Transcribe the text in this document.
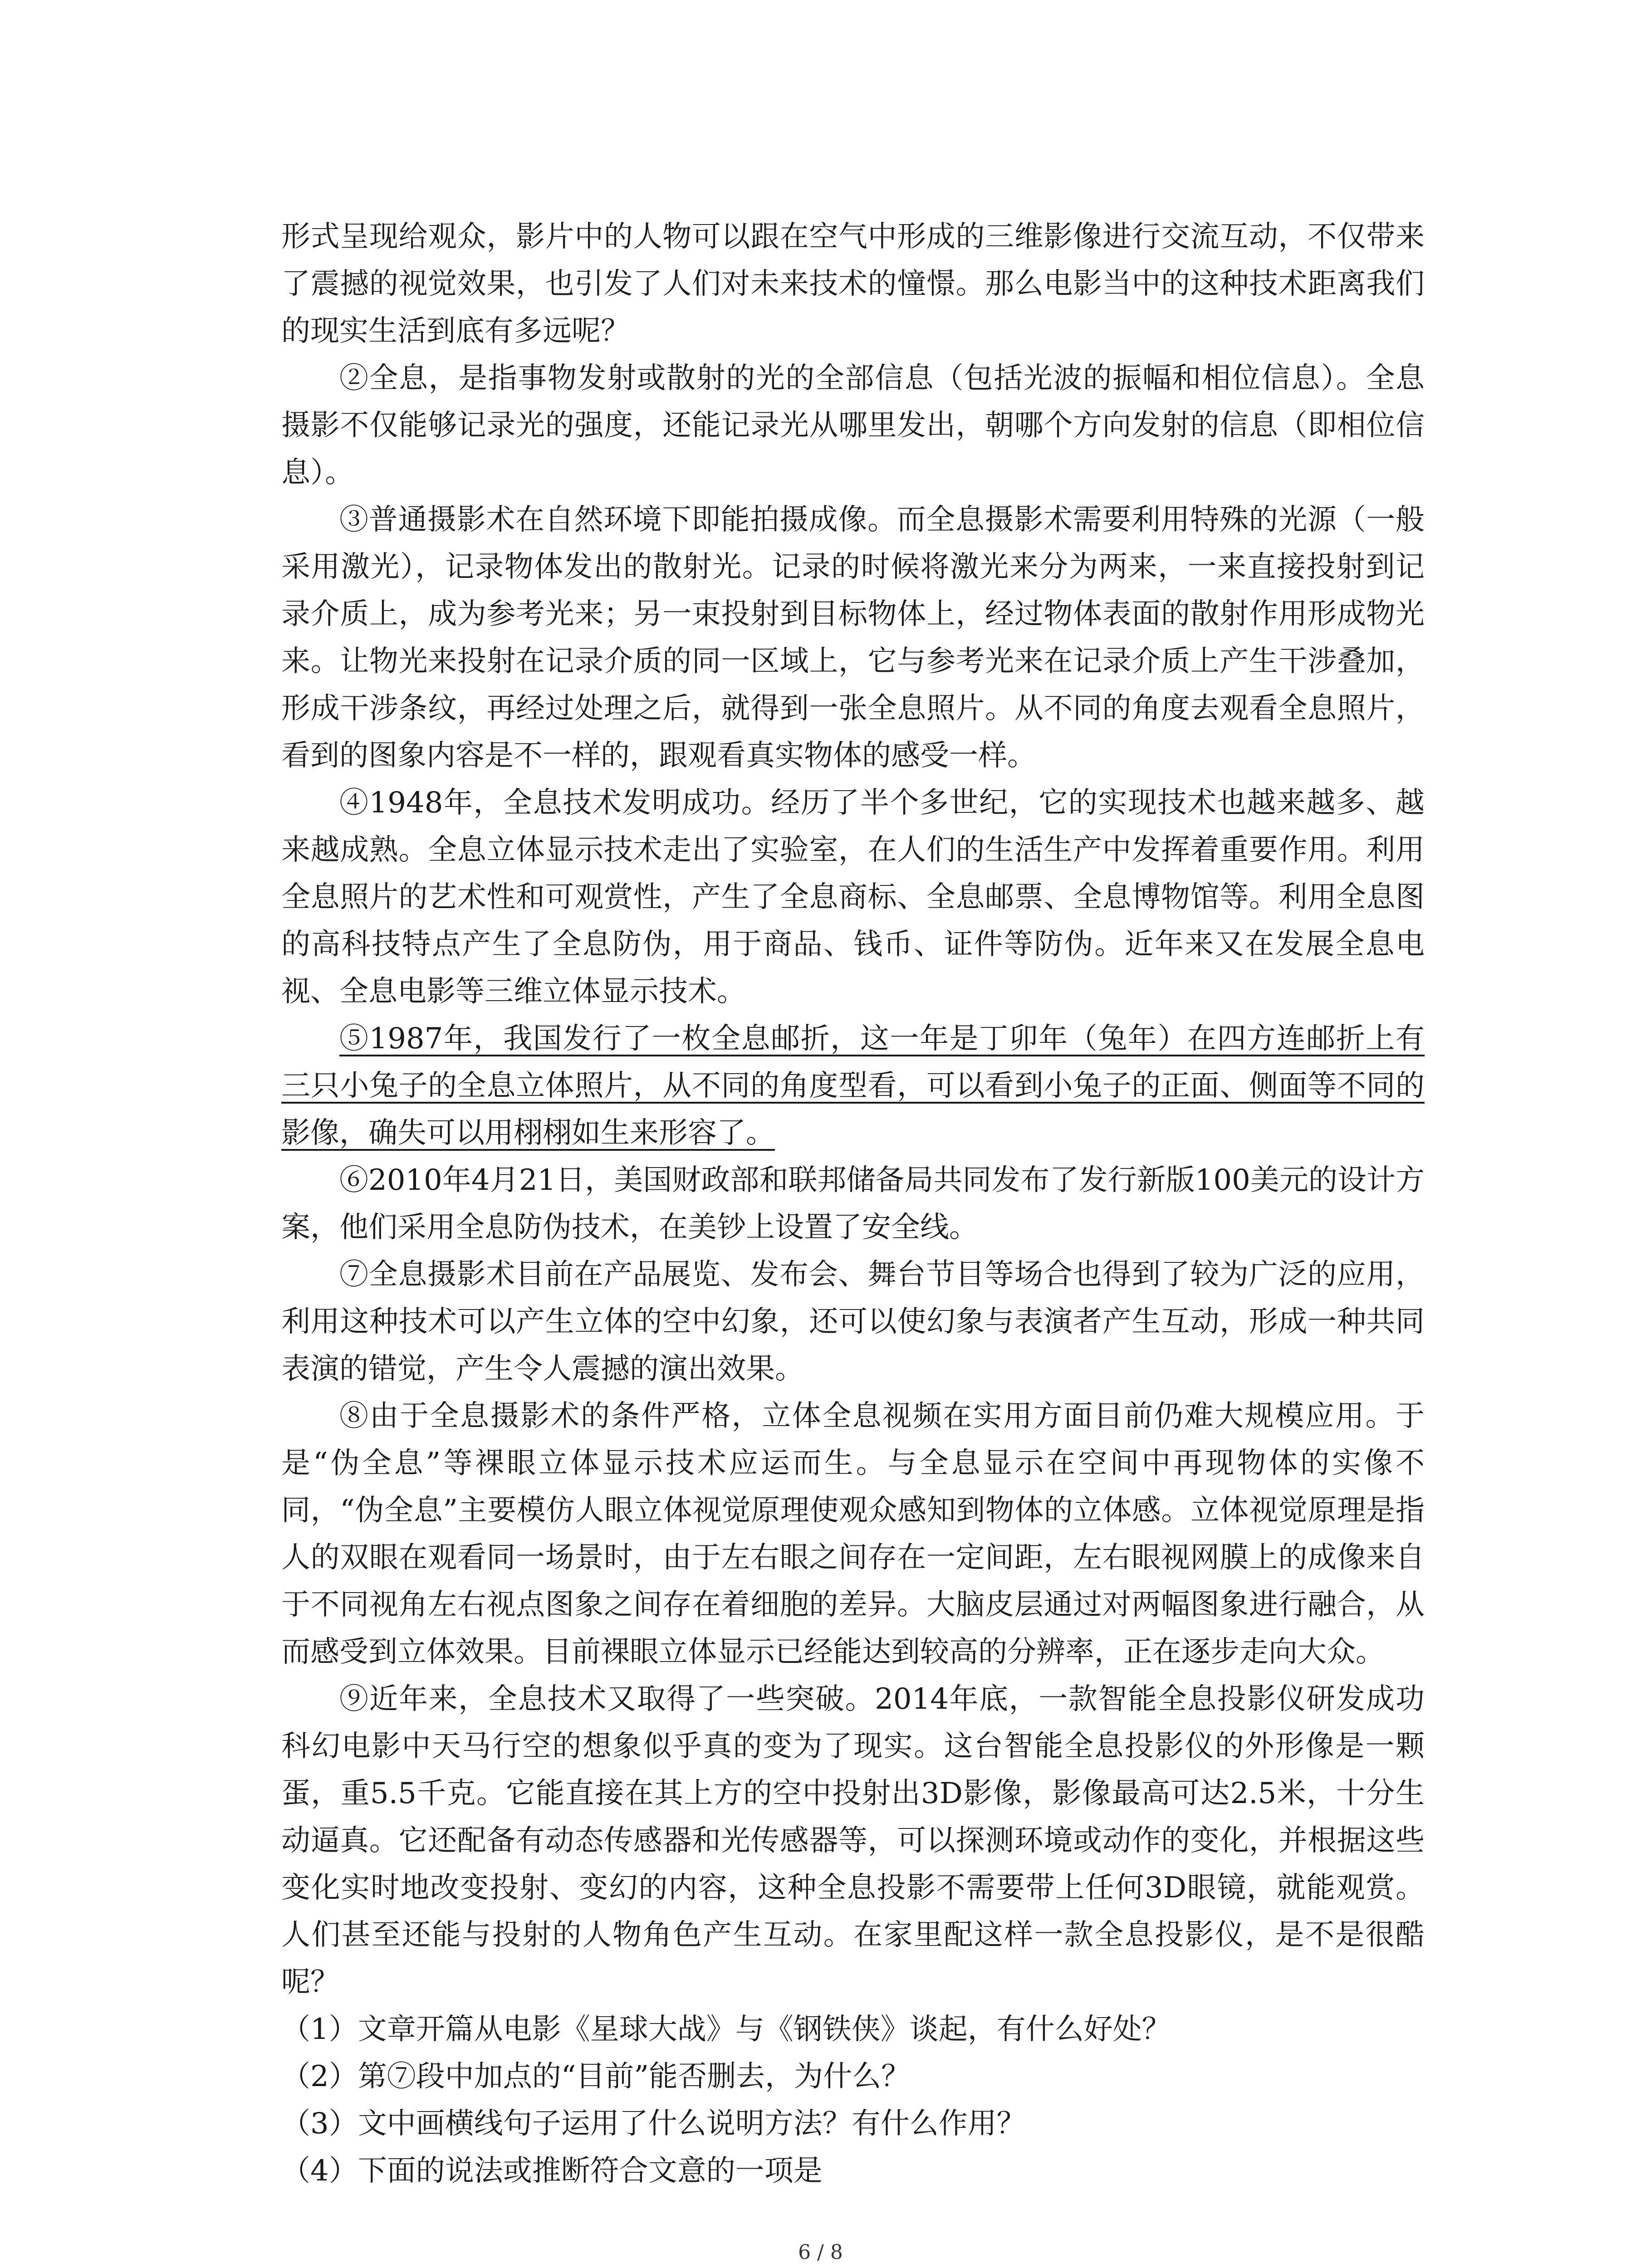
形式呈现给观众，影片中的人物可以跟在空气中形成的三维影像进行交流互动，不仅带来了震撼的视觉效果，也引发了人们对未来技术的憧憬。那么电影当中的这种技术距离我们的现实生活到底有多远呢？

②全息，是指事物发射或散射的光的全部信息（包括光波的振幅和相位信息）。全息摄影不仅能够记录光的强度，还能记录光从哪里发出，朝哪个方向发射的信息（即相位信息）。

③普通摄影术在自然环境下即能拍摄成像。而全息摄影术需要利用特殊的光源（一般采用激光），记录物体发出的散射光。记录的时候将激光来分为两来，一来直接投射到记录介质上，成为参考光来；另一束投射到目标物体上，经过物体表面的散射作用形成物光来。让物光来投射在记录介质的同一区域上，它与参考光来在记录介质上产生干涉叠加，形成干涉条纹，再经过处理之后，就得到一张全息照片。从不同的角度去观看全息照片，看到的图象内容是不一样的，跟观看真实物体的感受一样。

④1948年，全息技术发明成功。经历了半个多世纪，它的实现技术也越来越多、越来越成熟。全息立体显示技术走出了实验室，在人们的生活生产中发挥着重要作用。利用全息照片的艺术性和可观赏性，产生了全息商标、全息邮票、全息博物馆等。利用全息图的高科技特点产生了全息防伪，用于商品、钱币、证件等防伪。近年来又在发展全息电视、全息电影等三维立体显示技术。

⑤1987年，我国发行了一枚全息邮折，这一年是丁卯年（兔年）在四方连邮折上有三只小兔子的全息立体照片，从不同的角度型看，可以看到小兔子的正面、侧面等不同的影像，确失可以用栩栩如生来形容了。

⑥2010年4月21日，美国财政部和联邦储备局共同发布了发行新版100美元的设计方案，他们采用全息防伪技术，在美钞上设置了安全线。

⑦全息摄影术目前在产品展览、发布会、舞台节目等场合也得到了较为广泛的应用，利用这种技术可以产生立体的空中幻象，还可以使幻象与表演者产生互动，形成一种共同表演的错觉，产生令人震撼的演出效果。

⑧由于全息摄影术的条件严格，立体全息视频在实用方面目前仍难大规模应用。于是“伪全息”等裸眼立体显示技术应运而生。与全息显示在空间中再现物体的实像不同，“伪全息”主要模仿人眼立体视觉原理使观众感知到物体的立体感。立体视觉原理是指人的双眼在观看同一场景时，由于左右眼之间存在一定间距，左右眼视网膜上的成像来自于不同视角左右视点图象之间存在着细胞的差异。大脑皮层通过对两幅图象进行融合，从而感受到立体效果。目前裸眼立体显示已经能达到较高的分辨率，正在逐步走向大众。

⑨近年来，全息技术又取得了一些突破。2014年底，一款智能全息投影仪研发成功科幻电影中天马行空的想象似乎真的变为了现实。这台智能全息投影仪的外形像是一颗蛋，重5.5千克。它能直接在其上方的空中投射出3D影像，影像最高可达2.5米，十分生动逼真。它还配备有动态传感器和光传感器等，可以探测环境或动作的变化，并根据这些变化实时地改变投射、变幻的内容，这种全息投影不需要带上任何3D眼镜，就能观赏。人们甚至还能与投射的人物角色产生互动。在家里配这样一款全息投影仪，是不是很酷呢？

（1）文章开篇从电影《星球大战》与《钢铁侠》谈起，有什么好处？

（2）第⑦段中加点的“目前”能否删去，为什么？

（3）文中画横线句子运用了什么说明方法？有什么作用？

（4）下面的说法或推断符合文意的一项是

6 / 8
